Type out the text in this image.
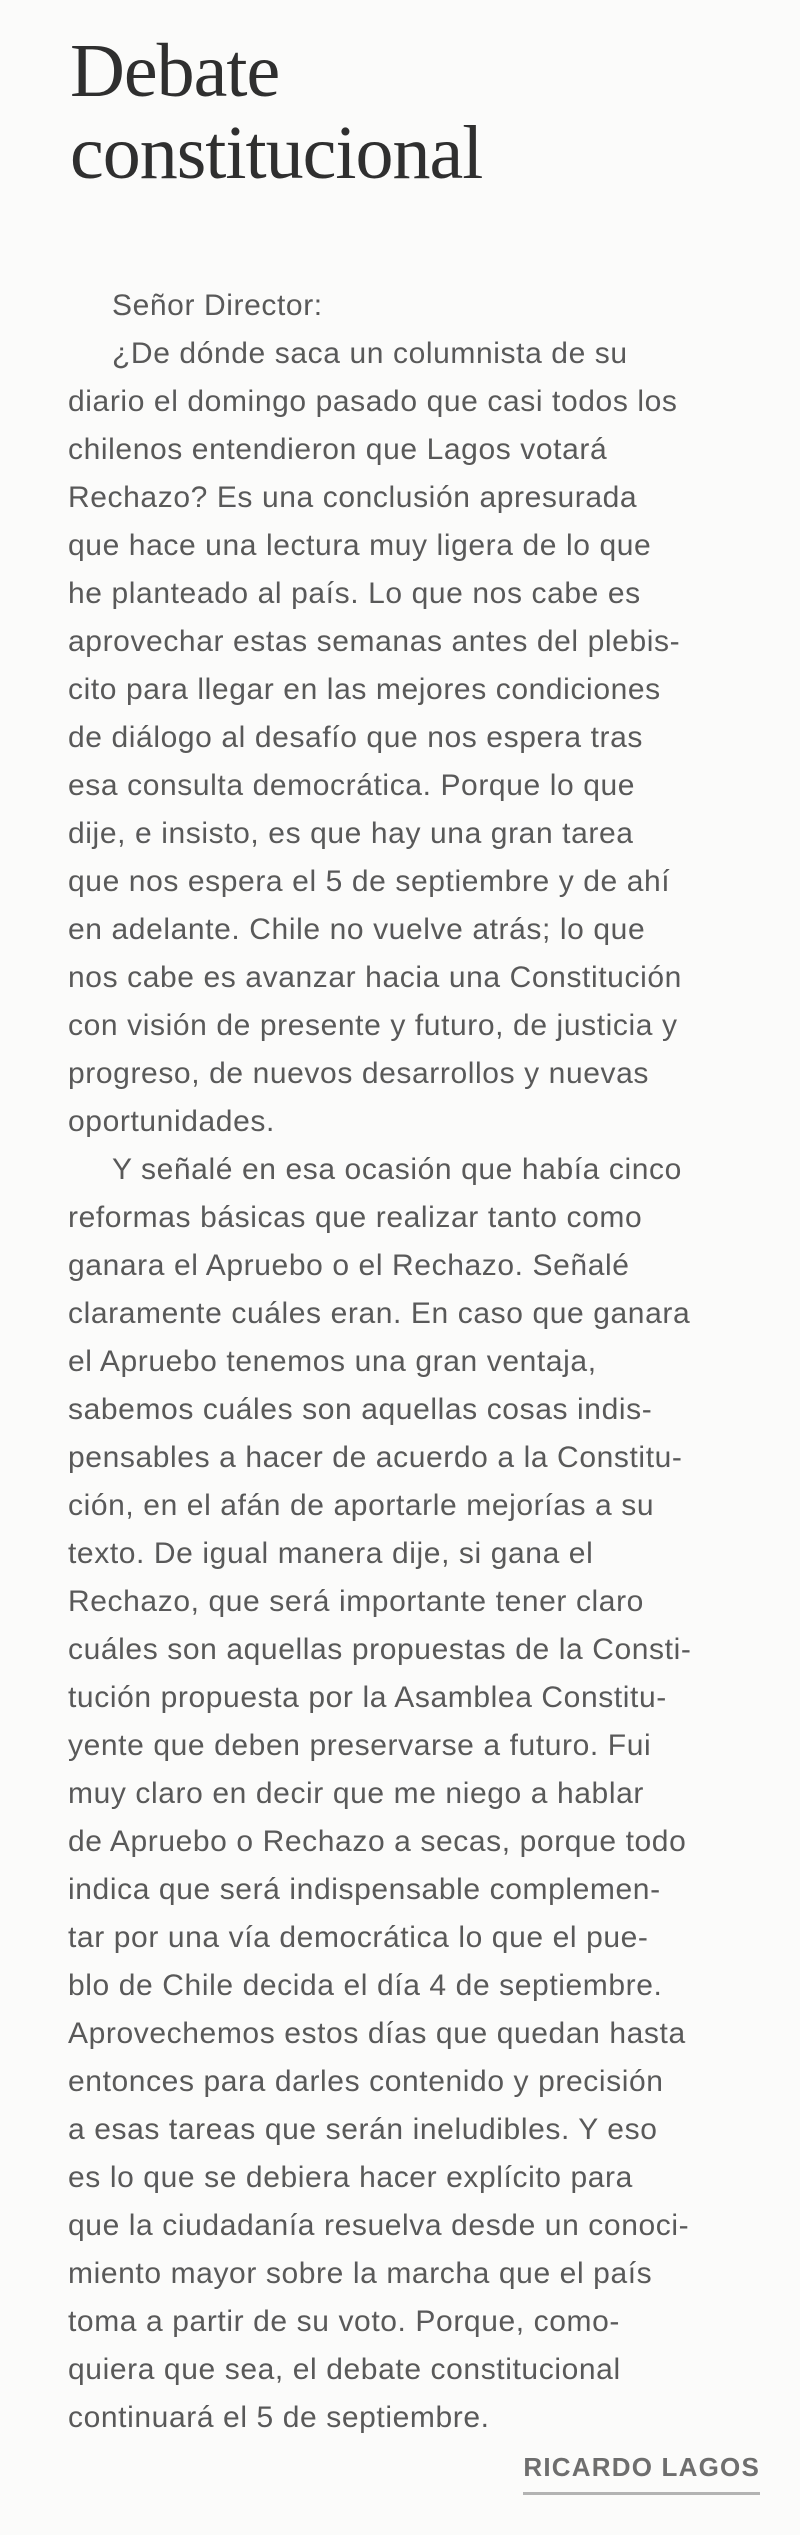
Debate
constitucional
Señor Director:
¿De dónde saca un columnista de su
diario el domingo pasado que casi todos los
chilenos entendieron que Lagos votará
Rechazo? Es una conclusión apresurada
que hace una lectura muy ligera de lo que
he planteado al país. Lo que nos cabe es
aprovechar estas semanas antes del plebis-
cito para llegar en las mejores condiciones
de diálogo al desafío que nos espera tras
esa consulta democrática. Porque lo que
dije, e insisto, es que hay una gran tarea
que nos espera el 5 de septiembre y de ahí
en adelante. Chile no vuelve atrás; lo que
nos cabe es avanzar hacia una Constitución
con visión de presente y futuro, de justicia y
progreso, de nuevos desarrollos y nuevas
oportunidades.
Y señalé en esa ocasión que había cinco
reformas básicas que realizar tanto como
ganara el Apruebo o el Rechazo. Señalé
claramente cuáles eran. En caso que ganara
el Apruebo tenemos una gran ventaja,
sabemos cuáles son aquellas cosas indis-
pensables a hacer de acuerdo a la Constitu-
ción, en el afán de aportarle mejorías a su
texto. De igual manera dije, si gana el
Rechazo, que será importante tener claro
cuáles son aquellas propuestas de la Consti-
tución propuesta por la Asamblea Constitu-
yente que deben preservarse a futuro. Fui
muy claro en decir que me niego a hablar
de Apruebo o Rechazo a secas, porque todo
indica que será indispensable complemen-
tar por una vía democrática lo que el pue-
blo de Chile decida el día 4 de septiembre.
Aprovechemos estos días que quedan hasta
entonces para darles contenido y precisión
a esas tareas que serán ineludibles. Y eso
es lo que se debiera hacer explícito para
que la ciudadanía resuelva desde un conoci-
miento mayor sobre la marcha que el país
toma a partir de su voto. Porque, como-
quiera que sea, el debate constitucional
continuará el 5 de septiembre.
RICARDO LAGOS
